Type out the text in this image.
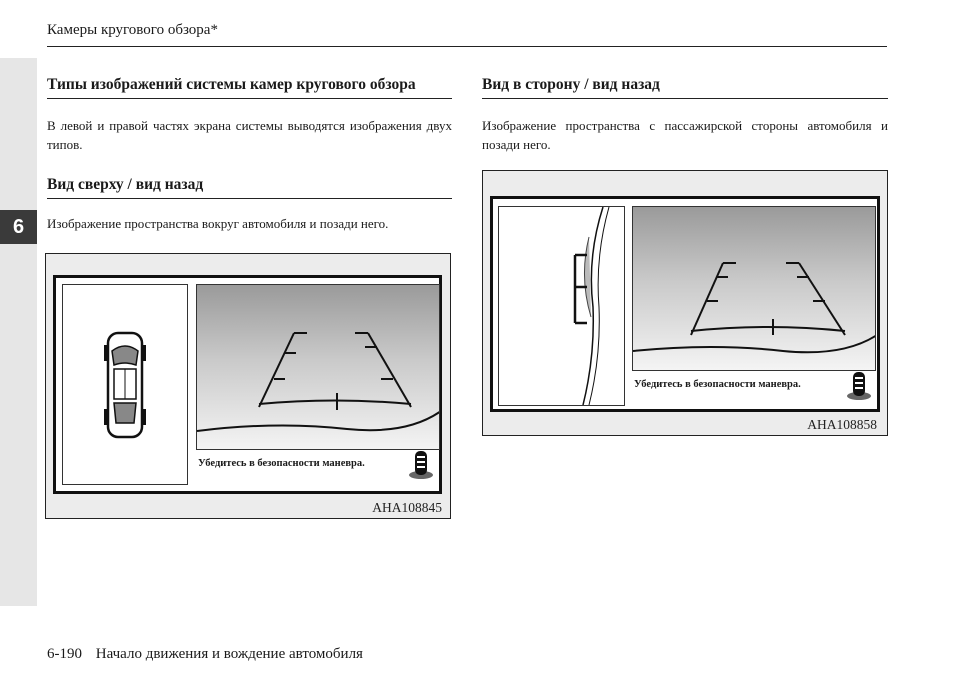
6
Камеры кругового обзора*
Типы изображений системы камер кругового обзора
В левой и правой частях экрана системы выводятся изображения двух типов.
Вид сверху / вид назад
Изображение пространства вокруг автомобиля и позади него.
Убедитесь в безопасности маневра.
AHA108845
Вид в сторону / вид назад
Изображение пространства с пассажирской стороны автомобиля и позади него.
Убедитесь в безопасности маневра.
AHA108858
6-190 Начало движения и вождение автомобиля
